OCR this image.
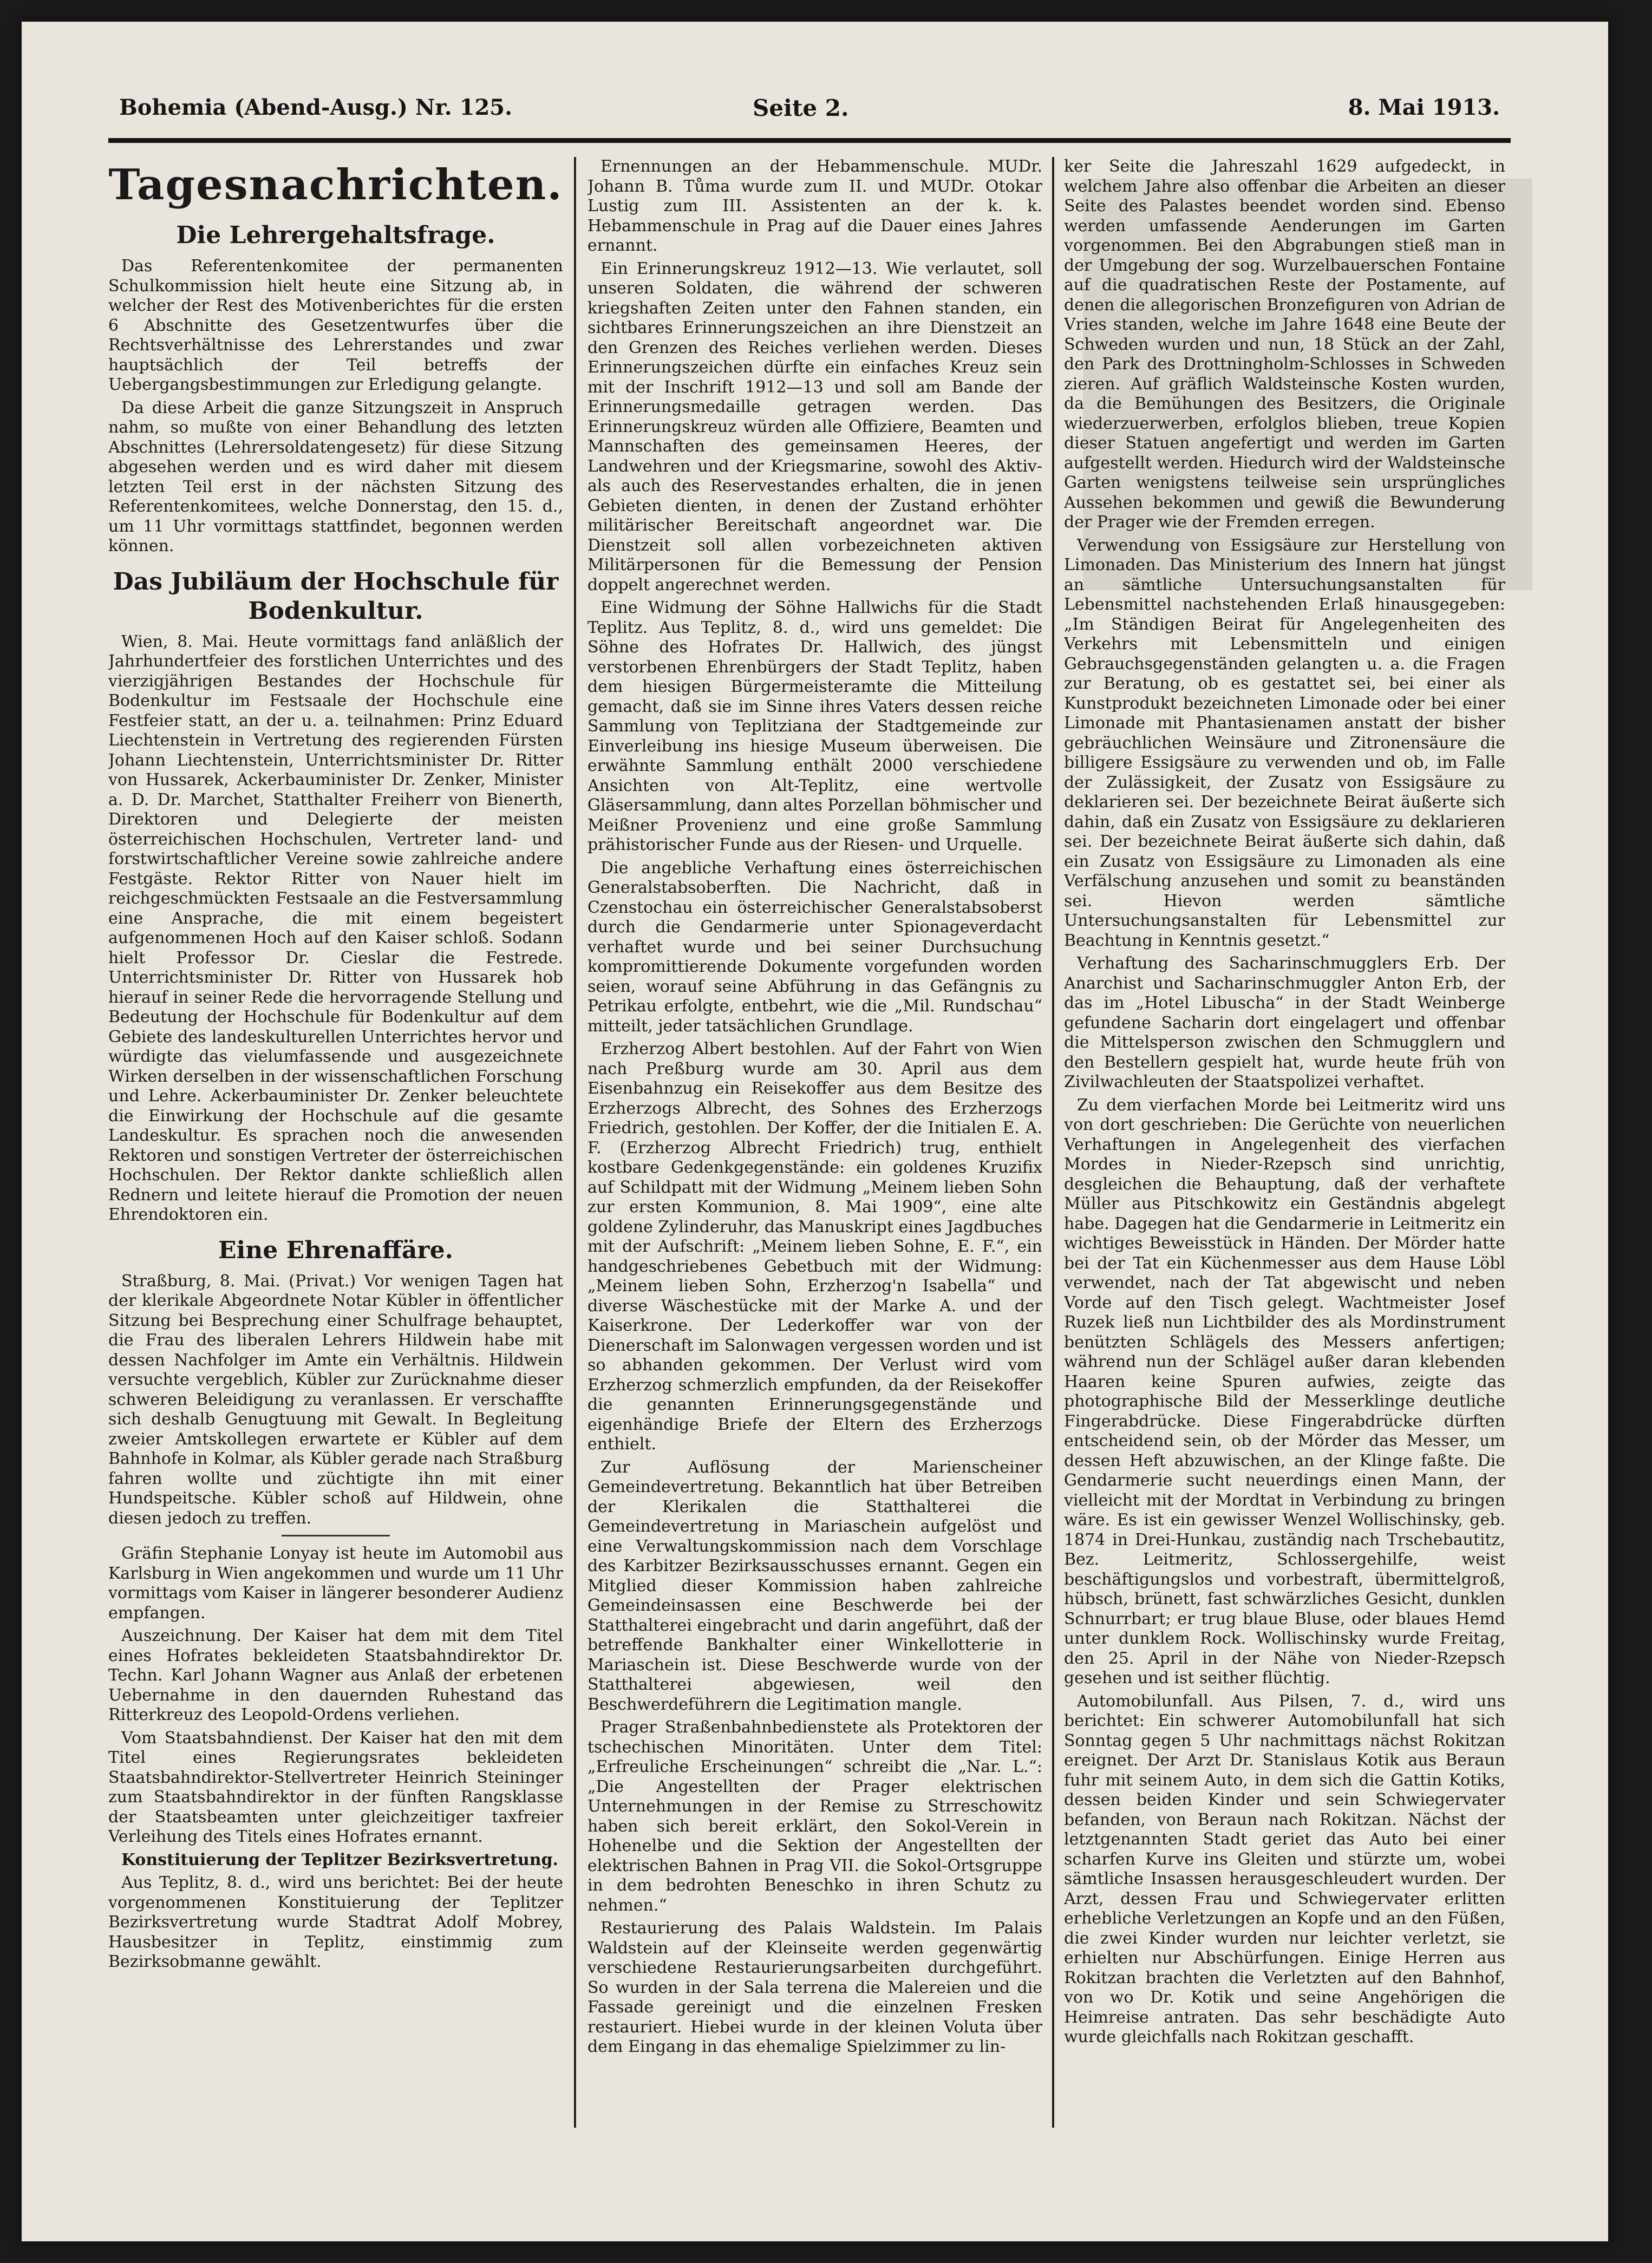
Bohemia (Abend-Ausg.) Nr. 125.	Seite 2.	8. Mai 1913.
Tagesnachrichten.
Die Lehrergehaltsfrage.

Das Referentenkomitee der permanenten Schulkommission hielt heute eine Sitzung ab, in welcher der Rest des Motivenberichtes für die ersten 6 Abschnitte des Gesetzentwurfes über die Rechtsverhältnisse des Lehrerstandes und zwar hauptsächlich der Teil betreffs der Uebergangsbestimmungen zur Erledigung gelangte.

Da diese Arbeit die ganze Sitzungszeit in Anspruch nahm, so mußte von einer Behandlung des letzten Abschnittes (Lehrersoldatengesetz) für diese Sitzung abgesehen werden und es wird daher mit diesem letzten Teil erst in der nächsten Sitzung des Referentenkomitees, welche Donnerstag, den 15. d., um 11 Uhr vormittags stattfindet, begonnen werden können.

Das Jubiläum der Hochschule für Bodenkultur.

Wien, 8. Mai. Heute vormittags fand anläßlich der Jahrhundertfeier des forstlichen Unterrichtes und des vierzigjährigen Bestandes der Hochschule für Bodenkultur im Festsaale der Hochschule eine Festfeier statt, an der u. a. teilnahmen: Prinz Eduard Liechtenstein in Vertretung des regierenden Fürsten Johann Liechtenstein, Unterrichtsminister Dr. Ritter von Hussarek, Ackerbauminister Dr. Zenker, Minister a. D. Dr. Marchet, Statthalter Freiherr von Bienerth, Direktoren und Delegierte der meisten österreichischen Hochschulen, Vertreter land- und forstwirtschaftlicher Vereine sowie zahlreiche andere Festgäste. Rektor Ritter von Nauer hielt im reichgeschmückten Festsaale an die Festversammlung eine Ansprache, die mit einem begeistert aufgenommenen Hoch auf den Kaiser schloß. Sodann hielt Professor Dr. Cieslar die Festrede. Unterrichtsminister Dr. Ritter von Hussarek hob hierauf in seiner Rede die hervorragende Stellung und Bedeutung der Hochschule für Bodenkultur auf dem Gebiete des landeskulturellen Unterrichtes hervor und würdigte das vielumfassende und ausgezeichnete Wirken derselben in der wissenschaftlichen Forschung und Lehre. Ackerbauminister Dr. Zenker beleuchtete die Einwirkung der Hochschule auf die gesamte Landeskultur. Es sprachen noch die anwesenden Rektoren und sonstigen Vertreter der österreichischen Hochschulen. Der Rektor dankte schließlich allen Rednern und leitete hierauf die Promotion der neuen Ehrendoktoren ein.

Eine Ehrenaffäre.

Straßburg, 8. Mai. (Privat.) Vor wenigen Tagen hat der klerikale Abgeordnete Notar Kübler in öffentlicher Sitzung bei Besprechung einer Schulfrage behauptet, die Frau des liberalen Lehrers Hildwein habe mit dessen Nachfolger im Amte ein Verhältnis. Hildwein versuchte vergeblich, Kübler zur Zurücknahme dieser schweren Beleidigung zu veranlassen. Er verschaffte sich deshalb Genugtuung mit Gewalt. In Begleitung zweier Amtskollegen erwartete er Kübler auf dem Bahnhofe in Kolmar, als Kübler gerade nach Straßburg fahren wollte und züchtigte ihn mit einer Hundspeitsche. Kübler schoß auf Hildwein, ohne diesen jedoch zu treffen.

Gräfin Stephanie Lonyay ist heute im Automobil aus Karlsburg in Wien angekommen und wurde um 11 Uhr vormittags vom Kaiser in längerer besonderer Audienz empfangen.

Auszeichnung. Der Kaiser hat dem mit dem Titel eines Hofrates bekleideten Staatsbahndirektor Dr. Techn. Karl Johann Wagner aus Anlaß der erbetenen Uebernahme in den dauernden Ruhestand das Ritterkreuz des Leopold-Ordens verliehen.

Vom Staatsbahndienst. Der Kaiser hat den mit dem Titel eines Regierungsrates bekleideten Staatsbahndirektor-Stellvertreter Heinrich Steininger zum Staatsbahndirektor in der fünften Rangsklasse der Staatsbeamten unter gleichzeitiger taxfreier Verleihung des Titels eines Hofrates ernannt.

Konstituierung der Teplitzer Bezirksvertretung.

Aus Teplitz, 8. d., wird uns berichtet: Bei der heute vorgenommenen Konstituierung der Teplitzer Bezirksvertretung wurde Stadtrat Adolf Mobrey, Hausbesitzer in Teplitz, einstimmig zum Bezirksobmanne gewählt.

Ernennungen an der Hebammenschule. MUDr. Johann B. Tůma wurde zum II. und MUDr. Otokar Lustig zum III. Assistenten an der k. k. Hebammenschule in Prag auf die Dauer eines Jahres ernannt.

Ein Erinnerungskreuz 1912—13. Wie verlautet, soll unseren Soldaten, die während der schweren kriegshaften Zeiten unter den Fahnen standen, ein sichtbares Erinnerungszeichen an ihre Dienstzeit an den Grenzen des Reiches verliehen werden. Dieses Erinnerungszeichen dürfte ein einfaches Kreuz sein mit der Inschrift 1912—13 und soll am Bande der Erinnerungsmedaille getragen werden. Das Erinnerungskreuz würden alle Offiziere, Beamten und Mannschaften des gemeinsamen Heeres, der Landwehren und der Kriegsmarine, sowohl des Aktiv- als auch des Reservestandes erhalten, die in jenen Gebieten dienten, in denen der Zustand erhöhter militärischer Bereitschaft angeordnet war. Die Dienstzeit soll allen vorbezeichneten aktiven Militärpersonen für die Bemessung der Pension doppelt angerechnet werden.

Eine Widmung der Söhne Hallwichs für die Stadt Teplitz. Aus Teplitz, 8. d., wird uns gemeldet: Die Söhne des Hofrates Dr. Hallwich, des jüngst verstorbenen Ehrenbürgers der Stadt Teplitz, haben dem hiesigen Bürgermeisteramte die Mitteilung gemacht, daß sie im Sinne ihres Vaters dessen reiche Sammlung von Teplitziana der Stadtgemeinde zur Einverleibung ins hiesige Museum überweisen. Die erwähnte Sammlung enthält 2000 verschiedene Ansichten von Alt-Teplitz, eine wertvolle Gläsersammlung, dann altes Porzellan böhmischer und Meißner Provenienz und eine große Sammlung prähistorischer Funde aus der Riesen- und Urquelle.

Die angebliche Verhaftung eines österreichischen Generalstabsoberften. Die Nachricht, daß in Czenstochau ein österreichischer Generalstabsoberst durch die Gendarmerie unter Spionageverdacht verhaftet wurde und bei seiner Durchsuchung kompromittierende Dokumente vorgefunden worden seien, worauf seine Abführung in das Gefängnis zu Petrikau erfolgte, entbehrt, wie die „Mil. Rundschau“ mitteilt, jeder tatsächlichen Grundlage.

Erzherzog Albert bestohlen. Auf der Fahrt von Wien nach Preßburg wurde am 30. April aus dem Eisenbahnzug ein Reisekoffer aus dem Besitze des Erzherzogs Albrecht, des Sohnes des Erzherzogs Friedrich, gestohlen. Der Koffer, der die Initialen E. A. F. (Erzherzog Albrecht Friedrich) trug, enthielt kostbare Gedenkgegenstände: ein goldenes Kruzifix auf Schildpatt mit der Widmung „Meinem lieben Sohn zur ersten Kommunion, 8. Mai 1909“, eine alte goldene Zylinderuhr, das Manuskript eines Jagdbuches mit der Aufschrift: „Meinem lieben Sohne, E. F.“, ein handgeschriebenes Gebetbuch mit der Widmung: „Meinem lieben Sohn, Erzherzog'n Isabella“ und diverse Wäschestücke mit der Marke A. und der Kaiserkrone. Der Lederkoffer war von der Dienerschaft im Salonwagen vergessen worden und ist so abhanden gekommen. Der Verlust wird vom Erzherzog schmerzlich empfunden, da der Reisekoffer die genannten Erinnerungsgegenstände und eigenhändige Briefe der Eltern des Erzherzogs enthielt.

Zur Auflösung der Marienscheiner Gemeindevertretung. Bekanntlich hat über Betreiben der Klerikalen die Statthalterei die Gemeindevertretung in Mariaschein aufgelöst und eine Verwaltungskommission nach dem Vorschlage des Karbitzer Bezirksausschusses ernannt. Gegen ein Mitglied dieser Kommission haben zahlreiche Gemeindeinsassen eine Beschwerde bei der Statthalterei eingebracht und darin angeführt, daß der betreffende Bankhalter einer Winkellotterie in Mariaschein ist. Diese Beschwerde wurde von der Statthalterei abgewiesen, weil den Beschwerdeführern die Legitimation mangle.

Prager Straßenbahnbedienstete als Protektoren der tschechischen Minoritäten. Unter dem Titel: „Erfreuliche Erscheinungen“ schreibt die „Nar. L.“: „Die Angestellten der Prager elektrischen Unternehmungen in der Remise zu Strreschowitz haben sich bereit erklärt, den Sokol-Verein in Hohenelbe und die Sektion der Angestellten der elektrischen Bahnen in Prag VII. die Sokol-Ortsgruppe in dem bedrohten Beneschko in ihren Schutz zu nehmen.“

Restaurierung des Palais Waldstein. Im Palais Waldstein auf der Kleinseite werden gegenwärtig verschiedene Restaurierungsarbeiten durchgeführt. So wurden in der Sala terrena die Malereien und die Fassade gereinigt und die einzelnen Fresken restauriert. Hiebei wurde in der kleinen Voluta über dem Eingang in das ehemalige Spielzimmer zu lin-

ker Seite die Jahreszahl 1629 aufgedeckt, in welchem Jahre also offenbar die Arbeiten an dieser Seite des Palastes beendet worden sind. Ebenso werden umfassende Aenderungen im Garten vorgenommen. Bei den Abgrabungen stieß man in der Umgebung der sog. Wurzelbauerschen Fontaine auf die quadratischen Reste der Postamente, auf denen die allegorischen Bronzefiguren von Adrian de Vries standen, welche im Jahre 1648 eine Beute der Schweden wurden und nun, 18 Stück an der Zahl, den Park des Drottningholm-Schlosses in Schweden zieren. Auf gräflich Waldsteinsche Kosten wurden, da die Bemühungen des Besitzers, die Originale wiederzuerwerben, erfolglos blieben, treue Kopien dieser Statuen angefertigt und werden im Garten aufgestellt werden. Hiedurch wird der Waldsteinsche Garten wenigstens teilweise sein ursprüngliches Aussehen bekommen und gewiß die Bewunderung der Prager wie der Fremden erregen.

Verwendung von Essigsäure zur Herstellung von Limonaden. Das Ministerium des Innern hat jüngst an sämtliche Untersuchungsanstalten für Lebensmittel nachstehenden Erlaß hinausgegeben: „Im Ständigen Beirat für Angelegenheiten des Verkehrs mit Lebensmitteln und einigen Gebrauchsgegenständen gelangten u. a. die Fragen zur Beratung, ob es gestattet sei, bei einer als Kunstprodukt bezeichneten Limonade oder bei einer Limonade mit Phantasienamen anstatt der bisher gebräuchlichen Weinsäure und Zitronensäure die billigere Essigsäure zu verwenden und ob, im Falle der Zulässigkeit, der Zusatz von Essigsäure zu deklarieren sei. Der bezeichnete Beirat äußerte sich dahin, daß ein Zusatz von Essigsäure zu deklarieren sei. Der bezeichnete Beirat äußerte sich dahin, daß ein Zusatz von Essigsäure zu Limonaden als eine Verfälschung anzusehen und somit zu beanständen sei. Hievon werden sämtliche Untersuchungsanstalten für Lebensmittel zur Beachtung in Kenntnis gesetzt.“

Verhaftung des Sacharinschmugglers Erb. Der Anarchist und Sacharinschmuggler Anton Erb, der das im „Hotel Libuscha“ in der Stadt Weinberge gefundene Sacharin dort eingelagert und offenbar die Mittelsperson zwischen den Schmugglern und den Bestellern gespielt hat, wurde heute früh von Zivilwachleuten der Staatspolizei verhaftet.

Zu dem vierfachen Morde bei Leitmeritz wird uns von dort geschrieben: Die Gerüchte von neuerlichen Verhaftungen in Angelegenheit des vierfachen Mordes in Nieder-Rzepsch sind unrichtig, desgleichen die Behauptung, daß der verhaftete Müller aus Pitschkowitz ein Geständnis abgelegt habe. Dagegen hat die Gendarmerie in Leitmeritz ein wichtiges Beweisstück in Händen. Der Mörder hatte bei der Tat ein Küchenmesser aus dem Hause Löbl verwendet, nach der Tat abgewischt und neben Vorde auf den Tisch gelegt. Wachtmeister Josef Ruzek ließ nun Lichtbilder des als Mordinstrument benützten Schlägels des Messers anfertigen; während nun der Schlägel außer daran klebenden Haaren keine Spuren aufwies, zeigte das photographische Bild der Messerklinge deutliche Fingerabdrücke. Diese Fingerabdrücke dürften entscheidend sein, ob der Mörder das Messer, um dessen Heft abzuwischen, an der Klinge faßte. Die Gendarmerie sucht neuerdings einen Mann, der vielleicht mit der Mordtat in Verbindung zu bringen wäre. Es ist ein gewisser Wenzel Wollischinsky, geb. 1874 in Drei-Hunkau, zuständig nach Trschebautitz, Bez. Leitmeritz, Schlossergehilfe, weist beschäftigungslos und vorbestraft, übermittelgroß, hübsch, brünett, fast schwärzliches Gesicht, dunklen Schnurrbart; er trug blaue Bluse, oder blaues Hemd unter dunklem Rock. Wollischinsky wurde Freitag, den 25. April in der Nähe von Nieder-Rzepsch gesehen und ist seither flüchtig.

Automobilunfall. Aus Pilsen, 7. d., wird uns berichtet: Ein schwerer Automobilunfall hat sich Sonntag gegen 5 Uhr nachmittags nächst Rokitzan ereignet. Der Arzt Dr. Stanislaus Kotik aus Beraun fuhr mit seinem Auto, in dem sich die Gattin Kotiks, dessen beiden Kinder und sein Schwiegervater befanden, von Beraun nach Rokitzan. Nächst der letztgenannten Stadt geriet das Auto bei einer scharfen Kurve ins Gleiten und stürzte um, wobei sämtliche Insassen herausgeschleudert wurden. Der Arzt, dessen Frau und Schwiegervater erlitten erhebliche Verletzungen an Kopfe und an den Füßen, die zwei Kinder wurden nur leichter verletzt, sie erhielten nur Abschürfungen. Einige Herren aus Rokitzan brachten die Verletzten auf den Bahnhof, von wo Dr. Kotik und seine Angehörigen die Heimreise antraten. Das sehr beschädigte Auto wurde gleichfalls nach Rokitzan geschafft.
